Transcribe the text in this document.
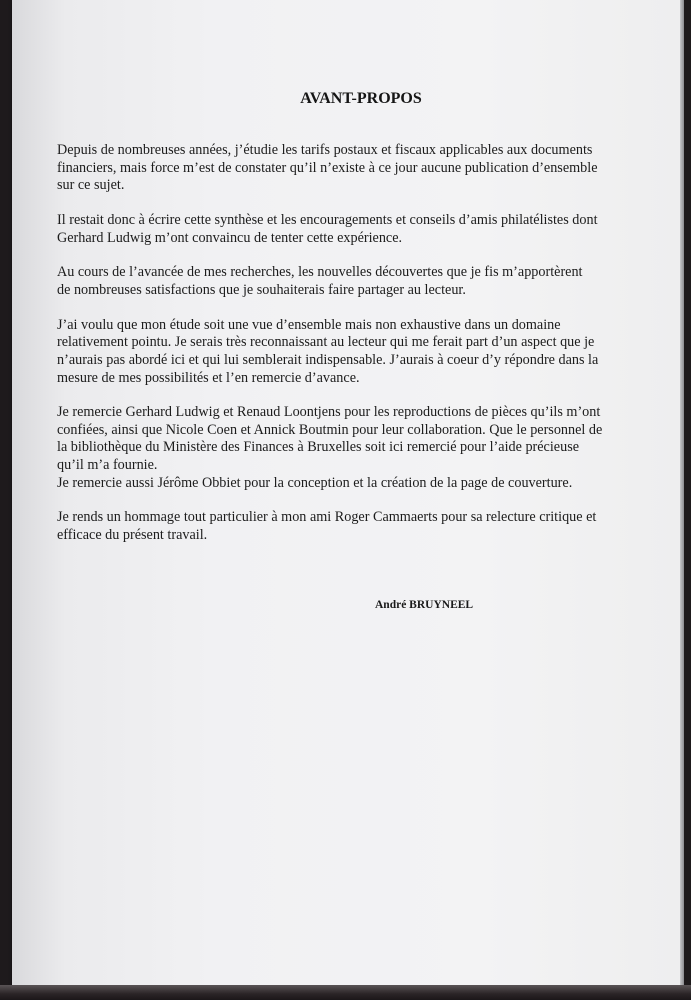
AVANT-PROPOS

Depuis de nombreuses années, j’étudie les tarifs postaux et fiscaux applicables aux documents
financiers, mais force m’est de constater qu’il n’existe à ce jour aucune publication d’ensemble
sur ce sujet.

Il restait donc à écrire cette synthèse et les encouragements et conseils d’amis philatélistes dont
Gerhard Ludwig m’ont convaincu de tenter cette expérience.

Au cours de l’avancée de mes recherches, les nouvelles découvertes que je fis m’apportèrent
de nombreuses satisfactions que je souhaiterais faire partager au lecteur.

J’ai voulu que mon étude soit une vue d’ensemble mais non exhaustive dans un domaine
relativement pointu. Je serais très reconnaissant au lecteur qui me ferait part d’un aspect que je
n’aurais pas abordé ici et qui lui semblerait indispensable. J’aurais à coeur d’y répondre dans la
mesure de mes possibilités et l’en remercie d’avance.

Je remercie Gerhard Ludwig et Renaud Loontjens pour les reproductions de pièces qu’ils m’ont
confiées, ainsi que Nicole Coen et Annick Boutmin pour leur collaboration. Que le personnel de
la bibliothèque du Ministère des Finances à Bruxelles soit ici remercié pour l’aide précieuse
qu’il m’a fournie.
Je remercie aussi Jérôme Obbiet pour la conception et la création de la page de couverture.

Je rends un hommage tout particulier à mon ami Roger Cammaerts pour sa relecture critique et
efficace du présent travail.

André BRUYNEEL
